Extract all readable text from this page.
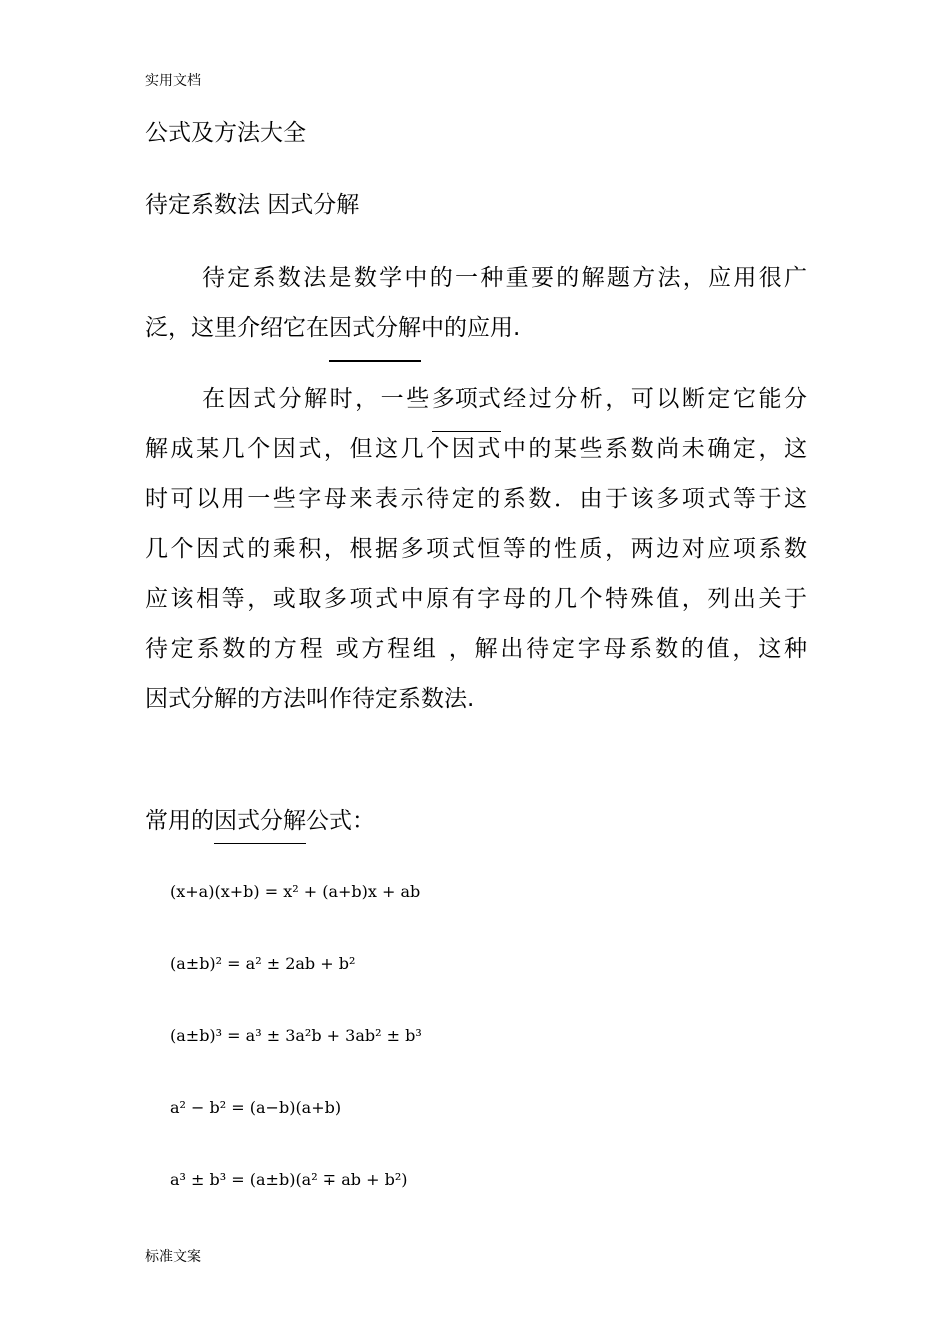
实用文档
公式及方法大全
待定系数法 因式分解
待定系数法是数学中的一种重要的解题方法，应用很广
泛，这里介绍它在因式分解中的应用.
在因式分解时，一些多项式经过分析，可以断定它能分
解成某几个因式，但这几个因式中的某些系数尚未确定，这
时可以用一些字母来表示待定的系数．由于该多项式等于这
几个因式的乘积，根据多项式恒等的性质，两边对应项系数
应该相等，或取多项式中原有字母的几个特殊值，列出关于
待定系数的方程 或方程组 ，解出待定字母系数的值，这种
因式分解的方法叫作待定系数法.
常用的因式分解公式：
(x+a)(x+b) = x² + (a+b)x + ab
(a±b)² = a² ± 2ab + b²
(a±b)³ = a³ ± 3a²b + 3ab² ± b³
a² − b² = (a−b)(a+b)
a³ ± b³ = (a±b)(a² ∓ ab + b²)
标准文案
